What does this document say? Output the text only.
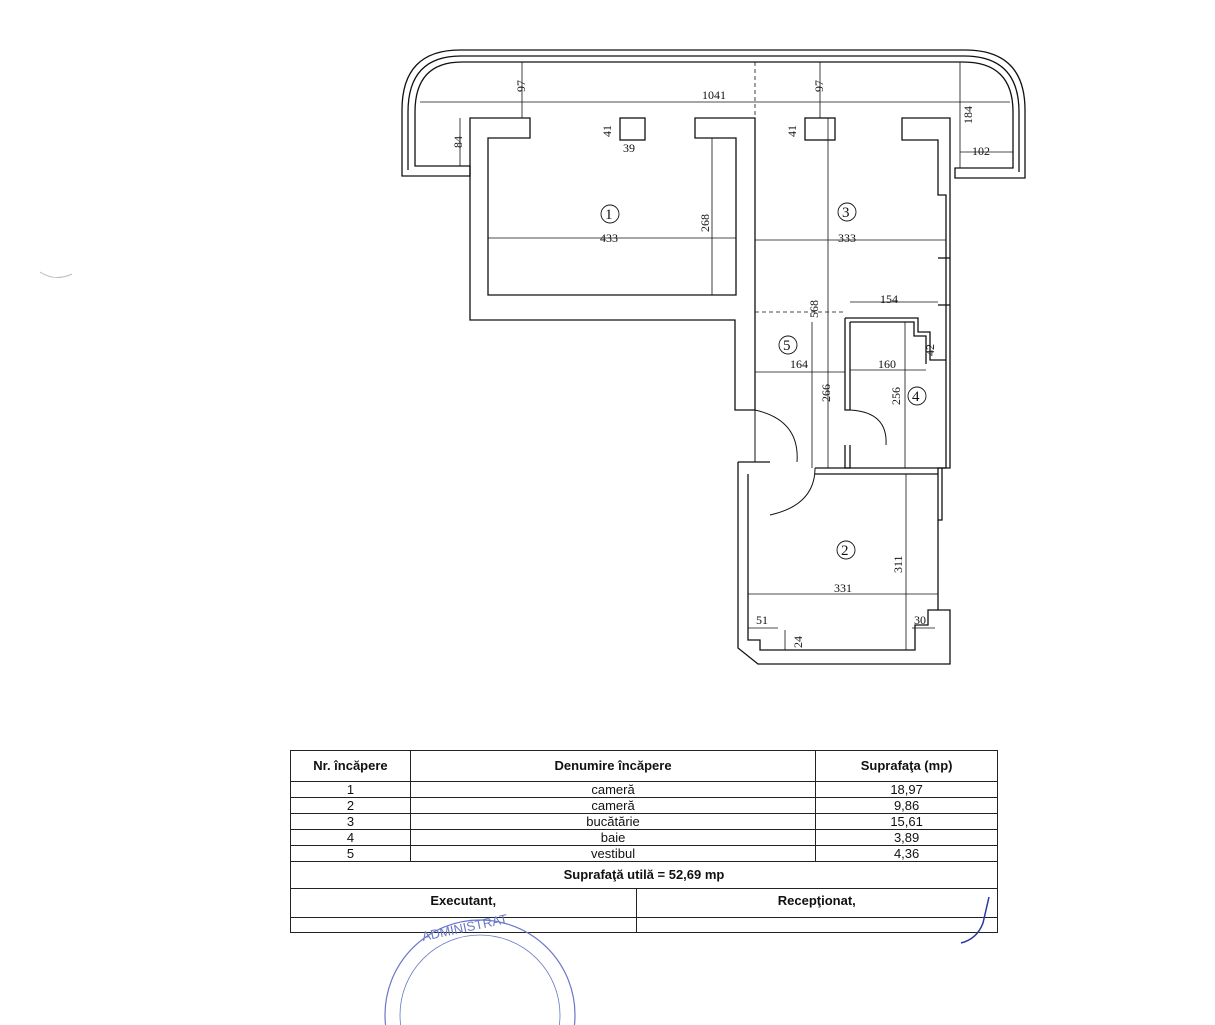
1041
97	97
184
102
84
41
39
41
433
268
333
568
154
164	160
42
266	256
331
311
51
24
30
1
2
3
4
5
Nr. încăpere	Denumire încăpere		Suprafaţa (mp)
1	cameră		18,97
2	cameră		9,86
3	bucătărie		15,61
4	baie		3,89
5	vestibul		4,36
Suprafaţă utilă = 52,69 mp			
Executant,		Recepţionat,	

ADMINISTRAT
